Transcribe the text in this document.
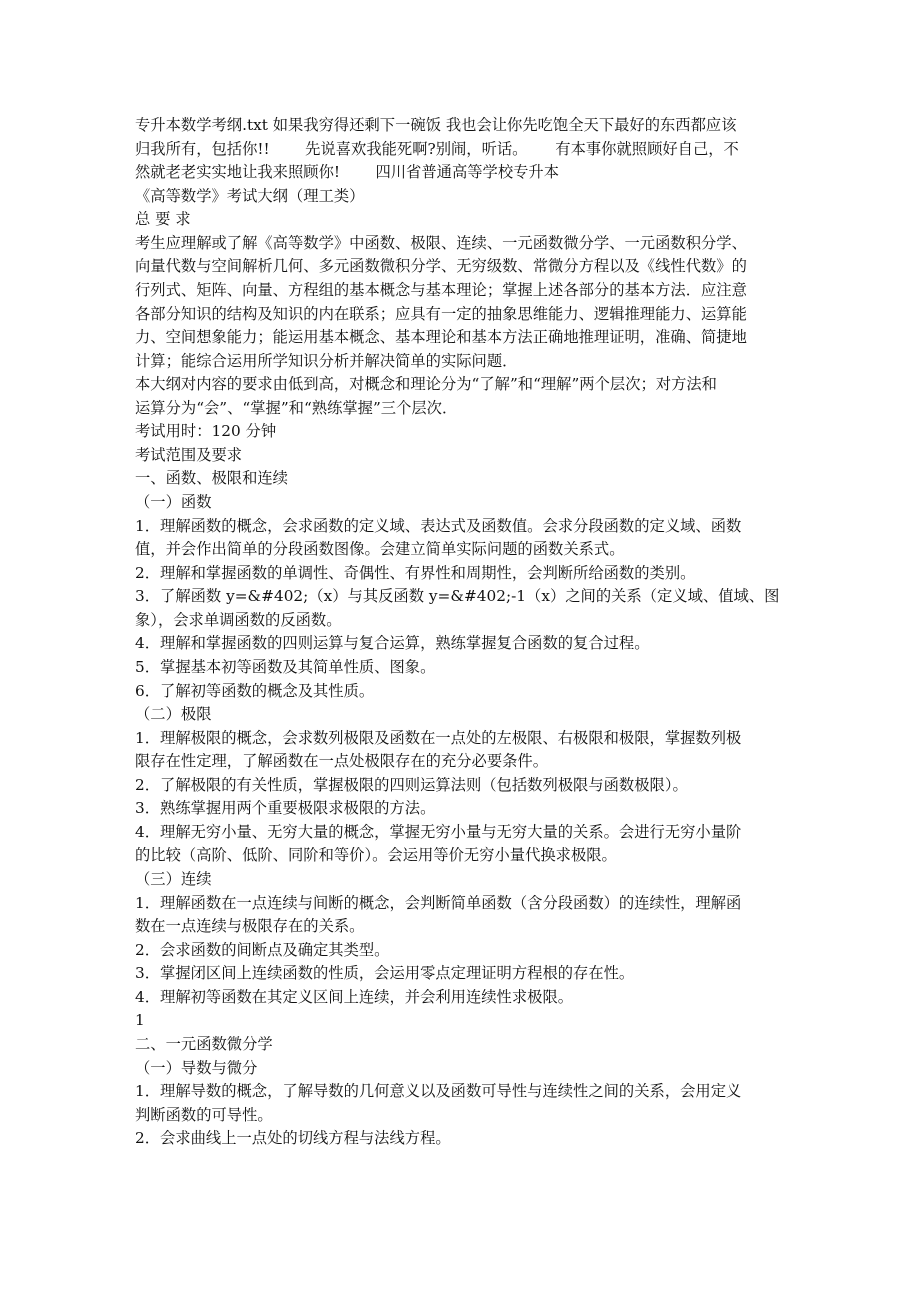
专升本数学考纲.txt 如果我穷得还剩下一碗饭 我也会让你先吃饱全天下最好的东西都应该
归我所有，包括你!!　　 先说喜欢我能死啊?别闹，听话。　　 有本事你就照顾好自己，不
然就老老实实地让我来照顾你!　　 四川省普通高等学校专升本
《高等数学》考试大纲（理工类）
总 要 求
考生应理解或了解《高等数学》中函数、极限、连续、一元函数微分学、一元函数积分学、
向量代数与空间解析几何、多元函数微积分学、无穷级数、常微分方程以及《线性代数》的
行列式、矩阵、向量、方程组的基本概念与基本理论；掌握上述各部分的基本方法．应注意
各部分知识的结构及知识的内在联系；应具有一定的抽象思维能力、逻辑推理能力、运算能
力、空间想象能力；能运用基本概念、基本理论和基本方法正确地推理证明，准确、简捷地
计算；能综合运用所学知识分析并解决简单的实际问题．
本大纲对内容的要求由低到高，对概念和理论分为“了解”和“理解”两个层次；对方法和
运算分为“会”、“掌握”和“熟练掌握”三个层次．
考试用时：120 分钟
考试范围及要求
一、函数、极限和连续
（一）函数
1．理解函数的概念，会求函数的定义域、表达式及函数值。会求分段函数的定义域、函数
值，并会作出简单的分段函数图像。会建立简单实际问题的函数关系式。
2．理解和掌握函数的单调性、奇偶性、有界性和周期性，会判断所给函数的类别。
3．了解函数 y=&#402;（x）与其反函数 y=&#402;-1（x）之间的关系（定义域、值域、图
象），会求单调函数的反函数。
4．理解和掌握函数的四则运算与复合运算，熟练掌握复合函数的复合过程。
5．掌握基本初等函数及其简单性质、图象。
6．了解初等函数的概念及其性质。
（二）极限
1．理解极限的概念，会求数列极限及函数在一点处的左极限、右极限和极限，掌握数列极
限存在性定理，了解函数在一点处极限存在的充分必要条件。
2．了解极限的有关性质，掌握极限的四则运算法则（包括数列极限与函数极限）。
3．熟练掌握用两个重要极限求极限的方法。
4．理解无穷小量、无穷大量的概念，掌握无穷小量与无穷大量的关系。会进行无穷小量阶
的比较（高阶、低阶、同阶和等价）。会运用等价无穷小量代换求极限。
（三）连续
1．理解函数在一点连续与间断的概念，会判断简单函数（含分段函数）的连续性，理解函
数在一点连续与极限存在的关系。
2．会求函数的间断点及确定其类型。
3．掌握闭区间上连续函数的性质，会运用零点定理证明方程根的存在性。
4．理解初等函数在其定义区间上连续，并会利用连续性求极限。
1
二、一元函数微分学
（一）导数与微分
1．理解导数的概念，了解导数的几何意义以及函数可导性与连续性之间的关系，会用定义
判断函数的可导性。
2．会求曲线上一点处的切线方程与法线方程。
